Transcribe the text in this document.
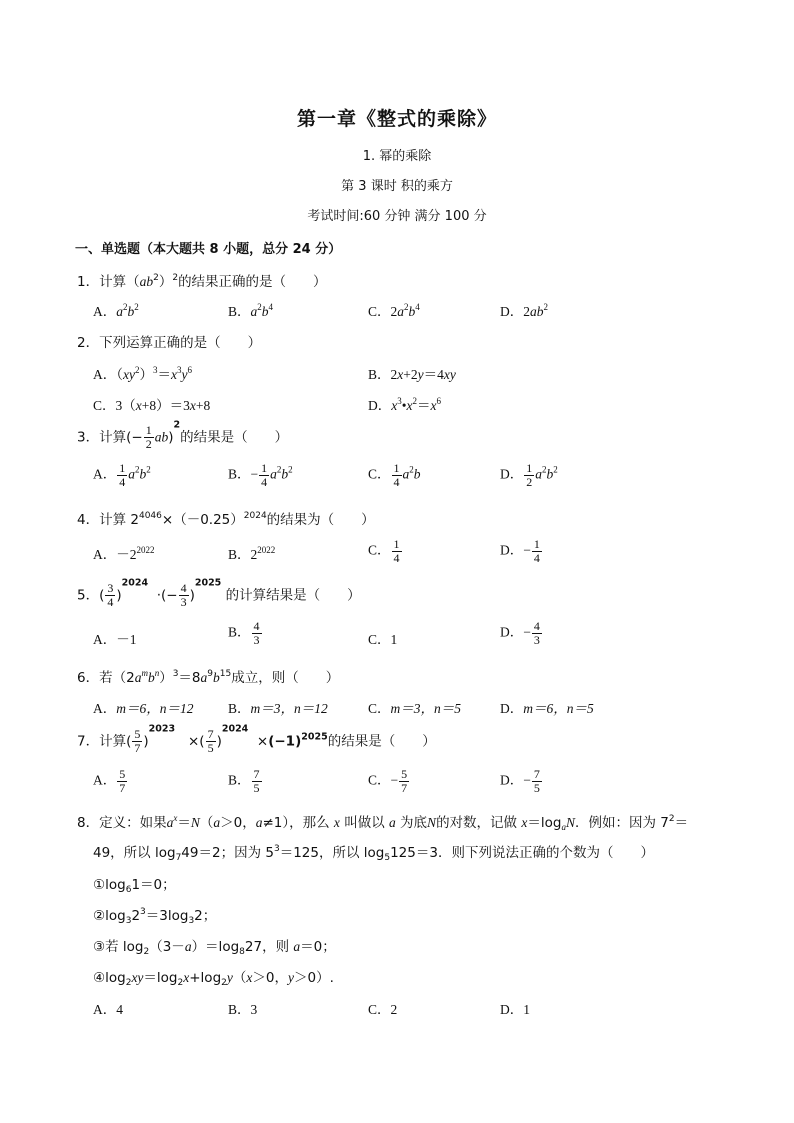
第一章《整式的乘除》
1. 幂的乘除
第 3 课时 积的乘方
考试时间:60 分钟 满分 100 分
一、单选题（本大题共 8 小题，总分 24 分）
1．计算$(ab^2)^2$的结果正确的是（　　）
A．$a^2b^2$	B．$a^2b^4$	C．$2a^2b^4$	D．$2ab^2$
2．下列运算正确的是（　　）
A．$(xy^2)^3=x^3y^6$	B．2x+2y＝4xy
C．3（x+8）＝3x+8	D．$x^3•x^2=x^6$
3．计算(− $\frac{1}{2} ab)^2$的结果是（　　）
A． $\frac{1}{4} a^2b^2$	B．− $\frac{1}{4} a^2b^2$	C． $\frac{1}{4} a^2b$	D． $\frac{1}{2} a^2b^2$
4．计算 $2^{4046}\times(-0.25)^{2024}$的结果为（　　）
A．$-2^{2022}$	B．$2^{2022}$	C． $\frac{1}{4}$	D．− $\frac{1}{4}$
5．( $\frac{3}{4} )^{2024}$  ·(− $\frac{4}{3} )^{2025}$ 的计算结果是（　　）
A．－1	B． $\frac{4}{3}$	C．1	D．− $\frac{4}{3}$
6．若$(2a^mb^n)^3=8a^9b^{15}$成立，则（　　）
A．m＝6，n＝12	B．m＝3，n＝12	C．m＝3，n＝5	D．m＝6，n＝5
7．计算( $\frac{5}{7} )^{2023}$   ×( $\frac{7}{5} )^{2024} \times(-1)^{2025}$的结果是（　　）
A． $\frac{5}{7}$	B． $\frac{7}{5}$	C．− $\frac{5}{7}$	D．− $\frac{7}{5}$
8．定义：如果$a^x=N(a>0$，a≠1），那么 x 叫做以 a 为底N的对数，记做 $x=\log_aN$．例如：因为 $7^2=$
49，所以 $\log_749=2$；因为 $5^3=125$，所以 $\log_5125=3$．则下列说法正确的个数为（　　）
$①\log_61=0$；
$②\log_32^3=3\log_32$；
③若 $\log_2(3-a)=\log_827$，则 a＝0；
$④\log_2xy=\log_2x+\log_2y(x>0$，y＞0）.
A．4	B．3	C．2	D．1
